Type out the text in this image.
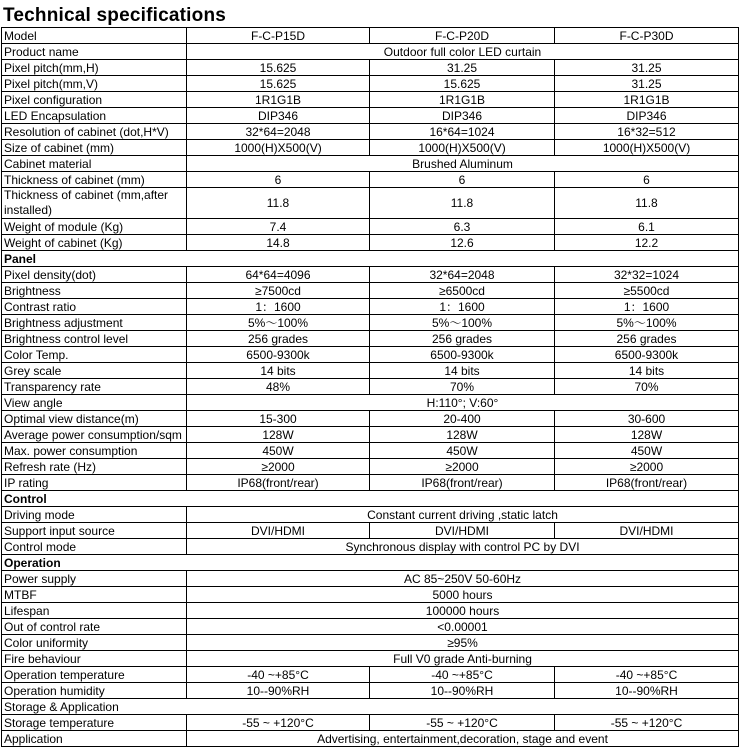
Technical specifications
Model	F-C-P15D	F-C-P20D	F-C-P30D
Product name	Outdoor full color LED curtain		
Pixel pitch(mm,H)	15.625	31.25	31.25
Pixel pitch(mm,V)	15.625	15.625	31.25
Pixel configuration	1R1G1B	1R1G1B	1R1G1B
LED Encapsulation	DIP346	DIP346	DIP346
Resolution of cabinet (dot,H*V)	32*64=2048	16*64=1024	16*32=512
Size of cabinet (mm)	1000(H)X500(V)	1000(H)X500(V)	1000(H)X500(V)
Cabinet material	Brushed Aluminum		
Thickness of cabinet (mm)	6	6	6
Thickness of cabinet (mm,after installed)	11.8	11.8	11.8
Weight of module (Kg)	7.4	6.3	6.1
Weight of cabinet (Kg)	14.8	12.6	12.2
Panel			
Pixel density(dot)	64*64=4096	32*64=2048	32*32=1024
Brightness	≥7500cd	≥6500cd	≥5500cd
Contrast ratio	1：1600	1：1600	1：1600
Brightness adjustment	5%～100%	5%～100%	5%～100%
Brightness control level	256 grades	256 grades	256 grades
Color Temp.	6500-9300k	6500-9300k	6500-9300k
Grey scale	14 bits	14 bits	14 bits
Transparency rate	48%	70%	70%
View angle	H:110°; V:60°		
Optimal view distance(m)	15-300	20-400	30-600
Average power consumption/sqm	128W	128W	128W
Max. power consumption	450W	450W	450W
Refresh rate (Hz)	≥2000	≥2000	≥2000
IP rating	IP68(front/rear)	IP68(front/rear)	IP68(front/rear)
Control			
Driving mode	Constant current driving ,static latch		
Support input source	DVI/HDMI	DVI/HDMI	DVI/HDMI
Control mode	Synchronous display with control PC by DVI		
Operation			
Power supply	AC 85~250V 50-60Hz		
MTBF	5000 hours		
Lifespan	100000 hours		
Out of control rate	<0.00001		
Color uniformity	≥95%		
Fire behaviour	Full V0 grade Anti-burning		
Operation temperature	-40 ~+85°C	-40 ~+85°C	-40 ~+85°C
Operation humidity	10--90%RH	10--90%RH	10--90%RH
Storage & Application			
Storage temperature	-55 ~ +120°C	-55 ~ +120°C	-55 ~ +120°C
Application	Advertising, entertainment,decoration, stage and event		
